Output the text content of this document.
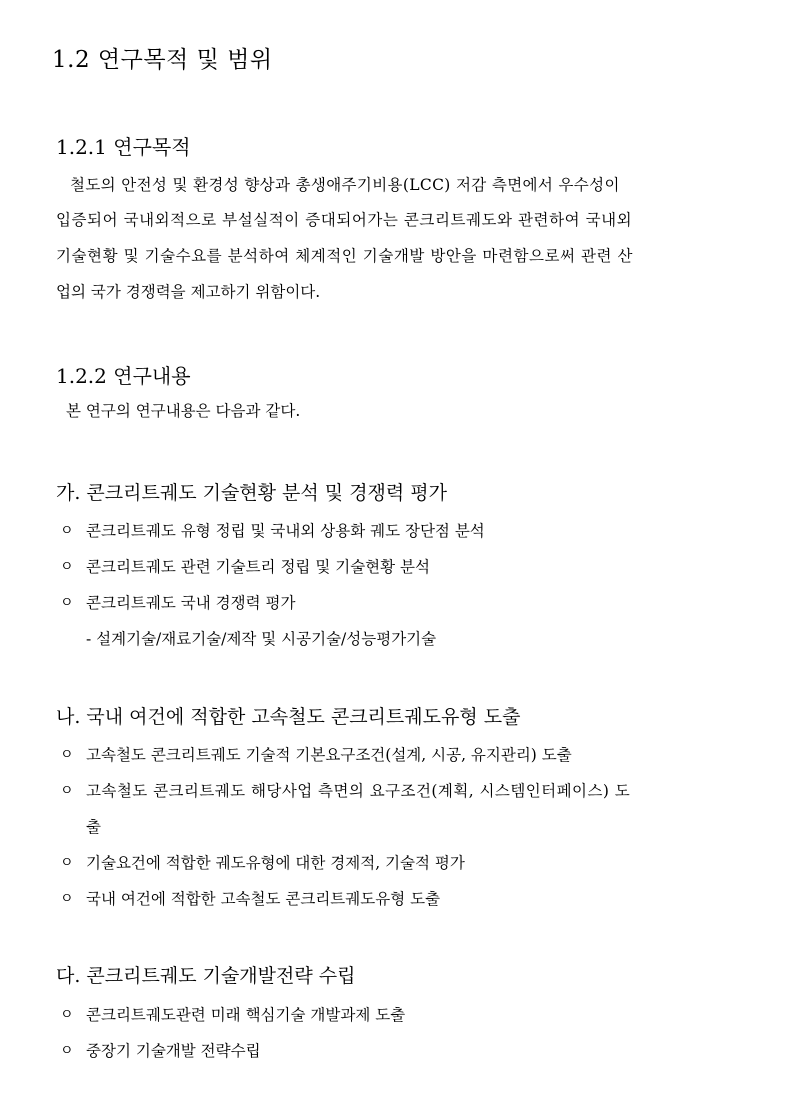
1.2 연구목적 및 범위
1.2.1 연구목적
철도의 안전성 및 환경성 향상과 총생애주기비용(LCC) 저감 측면에서 우수성이
입증되어 국내외적으로 부설실적이 증대되어가는 콘크리트궤도와 관련하여 국내외
기술현황 및 기술수요를 분석하여 체계적인 기술개발 방안을 마련함으로써 관련 산
업의 국가 경쟁력을 제고하기 위함이다.
1.2.2 연구내용
본 연구의 연구내용은 다음과 같다.
가. 콘크리트궤도 기술현황 분석 및 경쟁력 평가
ㅇ 콘크리트궤도 유형 정립 및 국내외 상용화 궤도 장단점 분석
ㅇ 콘크리트궤도 관련 기술트리 정립 및 기술현황 분석
ㅇ 콘크리트궤도 국내 경쟁력 평가
- 설계기술/재료기술/제작 및 시공기술/성능평가기술
나. 국내 여건에 적합한 고속철도 콘크리트궤도유형 도출
ㅇ 고속철도 콘크리트궤도 기술적 기본요구조건(설계, 시공, 유지관리) 도출
ㅇ 고속철도 콘크리트궤도 해당사업 측면의 요구조건(계획, 시스템인터페이스) 도
출
ㅇ 기술요건에 적합한 궤도유형에 대한 경제적, 기술적 평가
ㅇ 국내 여건에 적합한 고속철도 콘크리트궤도유형 도출
다. 콘크리트궤도 기술개발전략 수립
ㅇ 콘크리트궤도관련 미래 핵심기술 개발과제 도출
ㅇ 중장기 기술개발 전략수립
